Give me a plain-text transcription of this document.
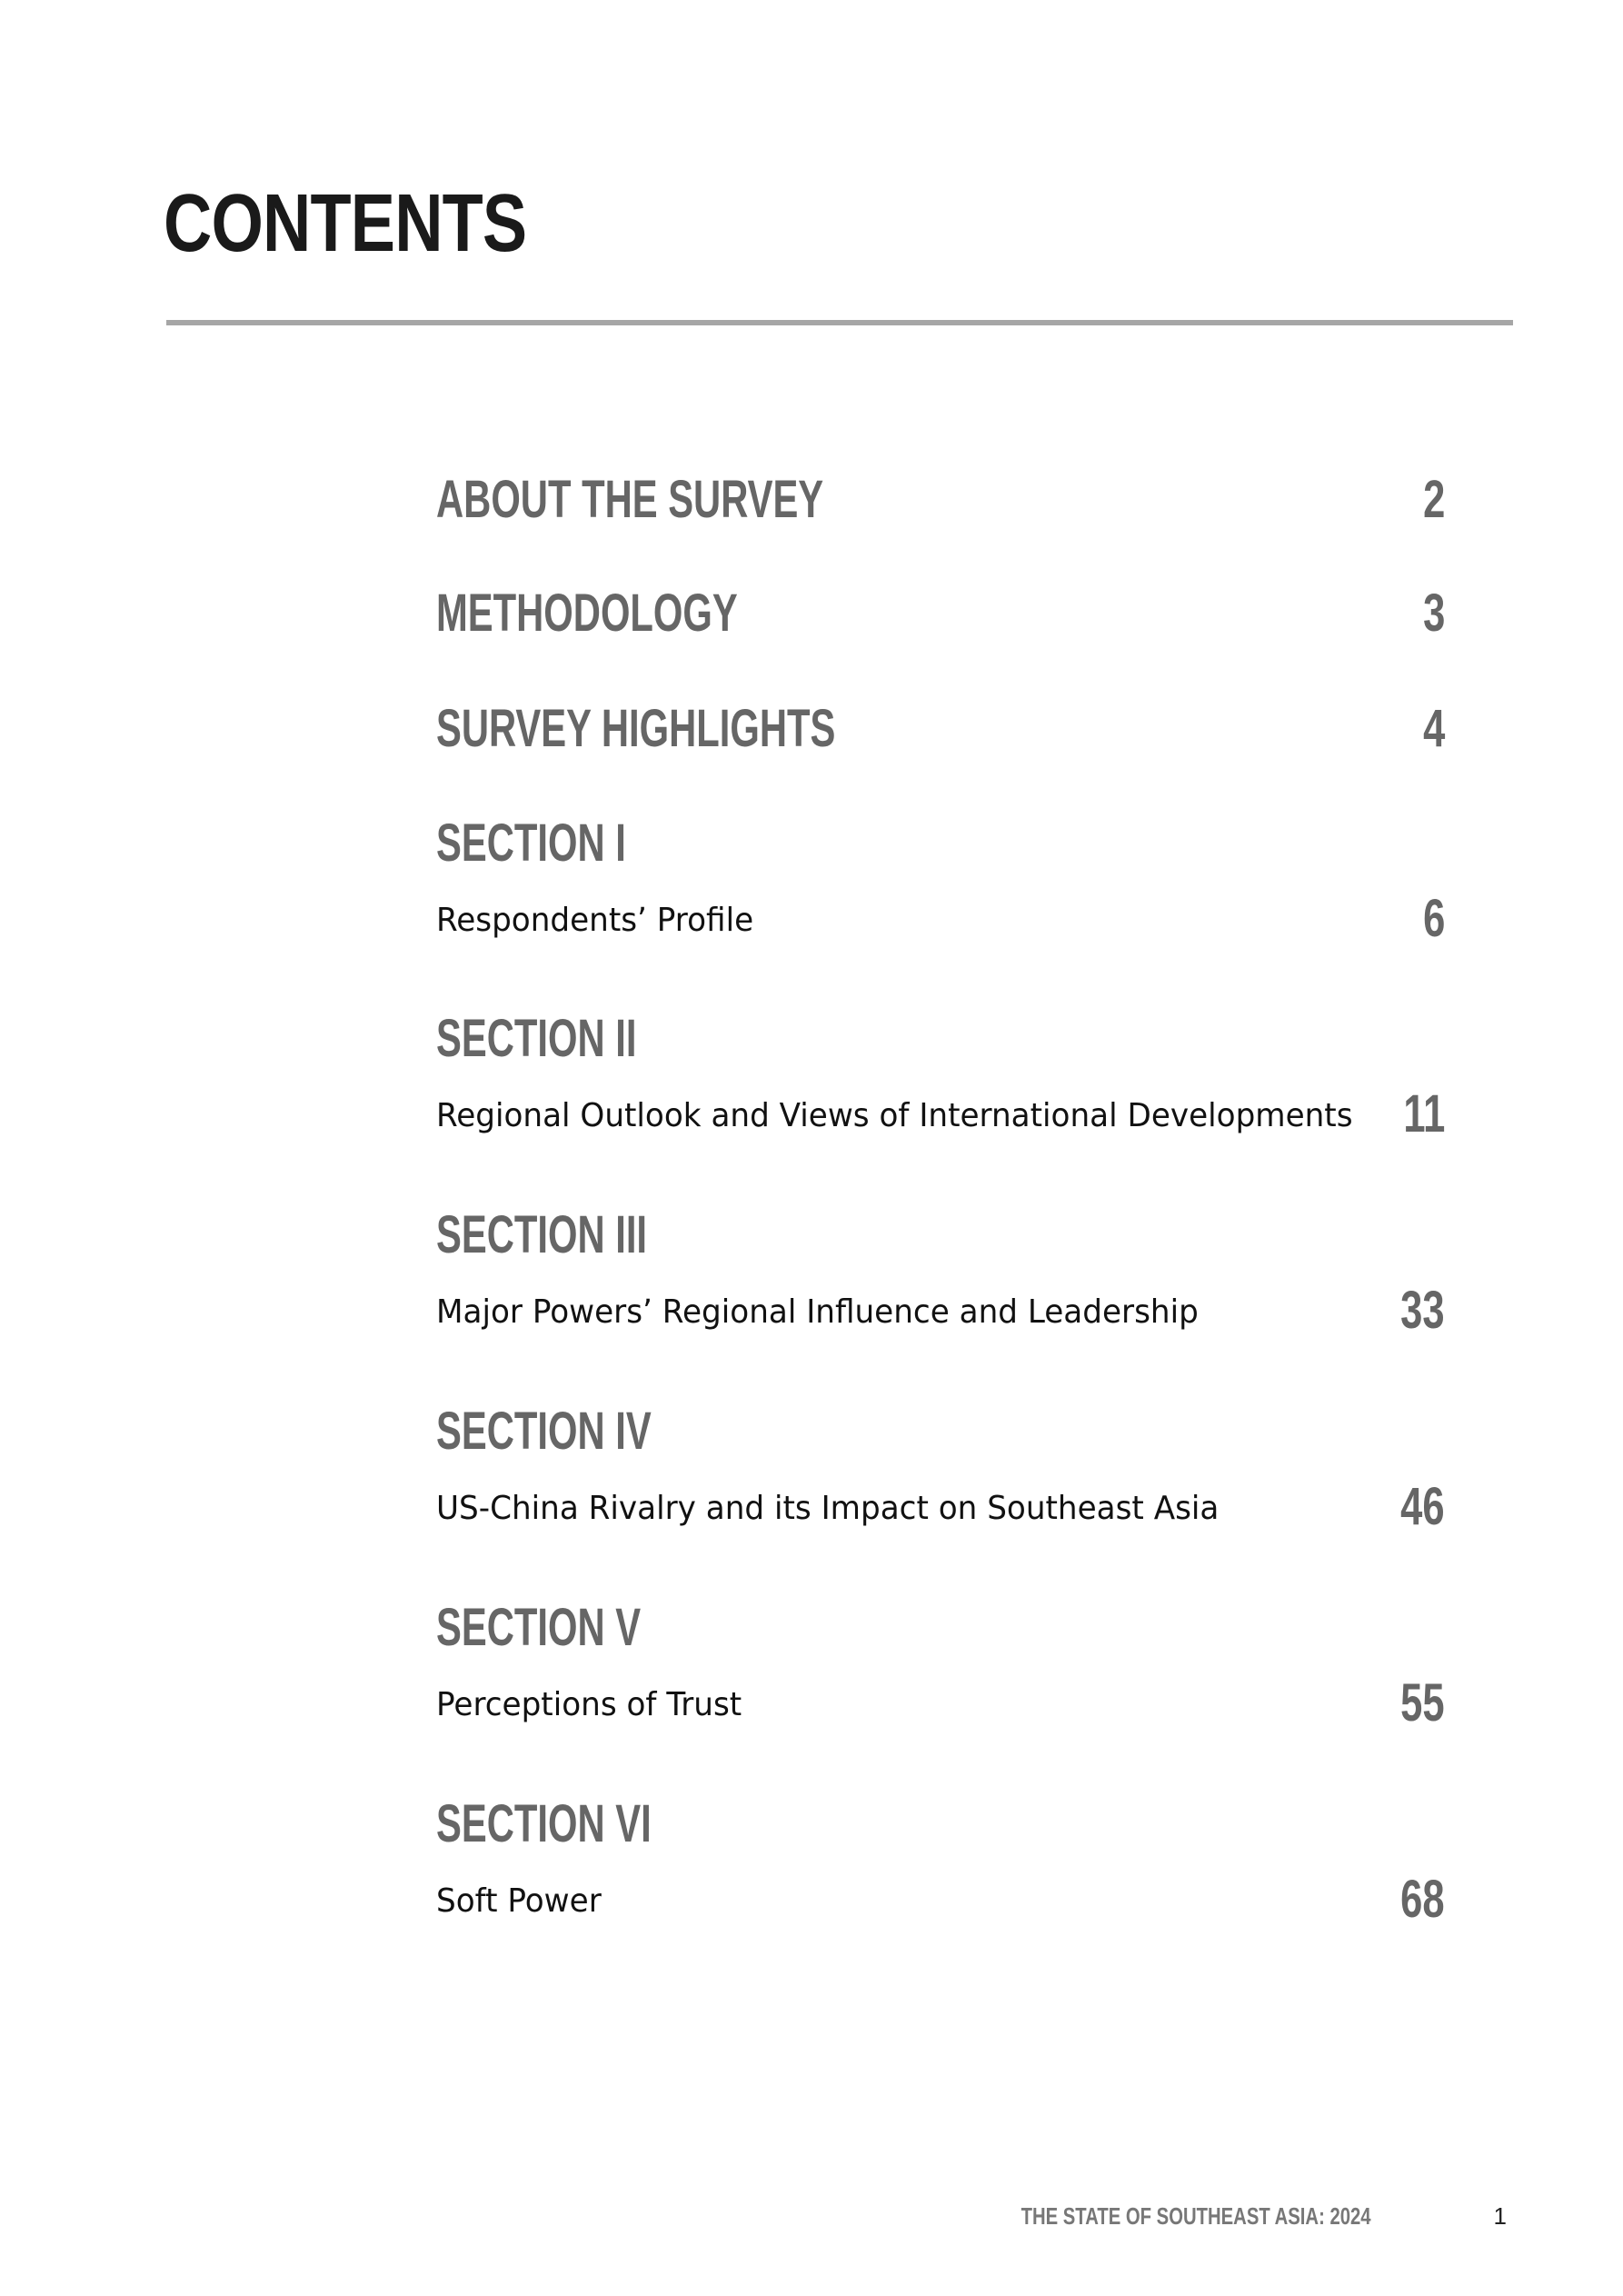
CONTENTS
ABOUT THE SURVEY	2
METHODOLOGY	3
SURVEY HIGHLIGHTS	4
SECTION I
Respondents’ Profile	6
SECTION II
Regional Outlook and Views of International Developments 11
SECTION III
Major Powers’ Regional Influence and Leadership	33
SECTION IV
US-China Rivalry and its Impact on Southeast Asia	46
SECTION V
Perceptions of Trust	55
SECTION VI
Soft Power	68
THE STATE OF SOUTHEAST ASIA: 2024	1
